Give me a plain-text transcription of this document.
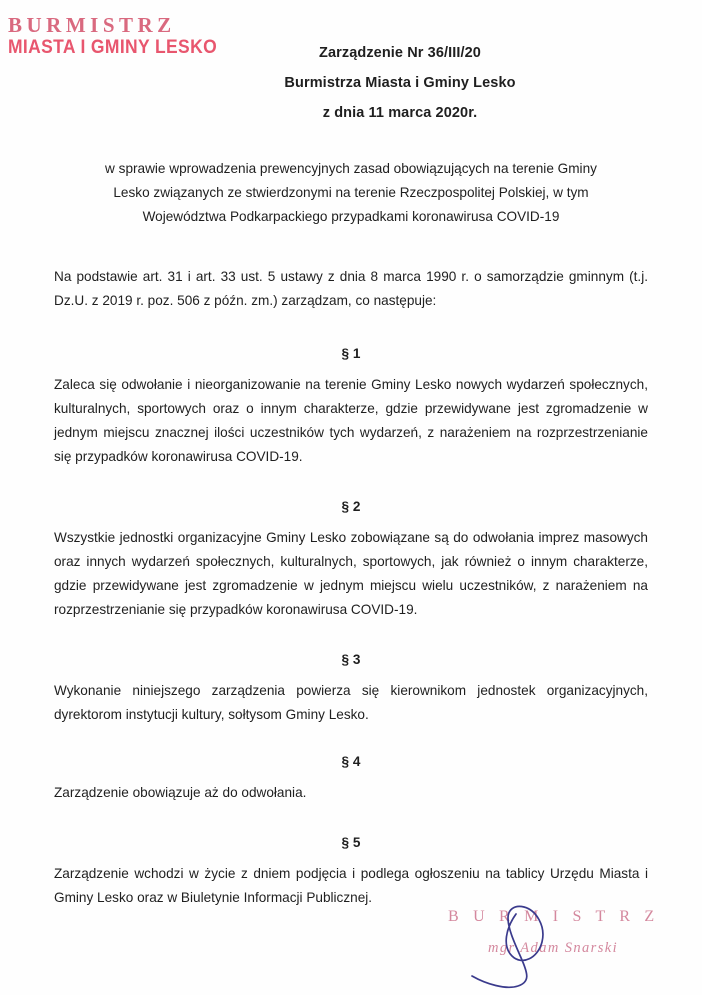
BURMISTRZ
MIASTA I GMINY LESKO	Zarządzenie Nr 36/III/20
Burmistrza Miasta i Gminy Lesko
z dnia 11 marca 2020r.
w sprawie wprowadzenia prewencyjnych zasad obowiązujących na terenie Gminy
Lesko związanych ze stwierdzonymi na terenie Rzeczpospolitej Polskiej, w tym
Województwa Podkarpackiego przypadkami koronawirusa COVID-19

Na podstawie art. 31 i art. 33 ust. 5 ustawy z dnia 8 marca 1990 r. o samorządzie gminnym (t.j. Dz.U. z 2019 r. poz. 506 z późn. zm.) zarządzam, co następuje:

§ 1

Zaleca się odwołanie i nieorganizowanie na terenie Gminy Lesko nowych wydarzeń społecznych, kulturalnych, sportowych oraz o innym charakterze, gdzie przewidywane jest zgromadzenie w jednym miejscu znacznej ilości uczestników tych wydarzeń, z narażeniem na rozprzestrzenianie się przypadków koronawirusa COVID-19.

§ 2

Wszystkie jednostki organizacyjne Gminy Lesko zobowiązane są do odwołania imprez masowych oraz innych wydarzeń społecznych, kulturalnych, sportowych, jak również o innym charakterze, gdzie przewidywane jest zgromadzenie w jednym miejscu wielu uczestników, z narażeniem na rozprzestrzenianie się przypadków koronawirusa COVID-19.

§ 3

Wykonanie niniejszego zarządzenia powierza się kierownikom jednostek organizacyjnych, dyrektorom instytucji kultury, sołtysom Gminy Lesko.

§ 4

Zarządzenie obowiązuje aż do odwołania.

§ 5

Zarządzenie wchodzi w życie z dniem podjęcia i podlega ogłoszeniu na tablicy Urzędu Miasta i Gminy Lesko oraz w Biuletynie Informacji Publicznej.

B U R M I S T R Z
mgr Adam Snarski
